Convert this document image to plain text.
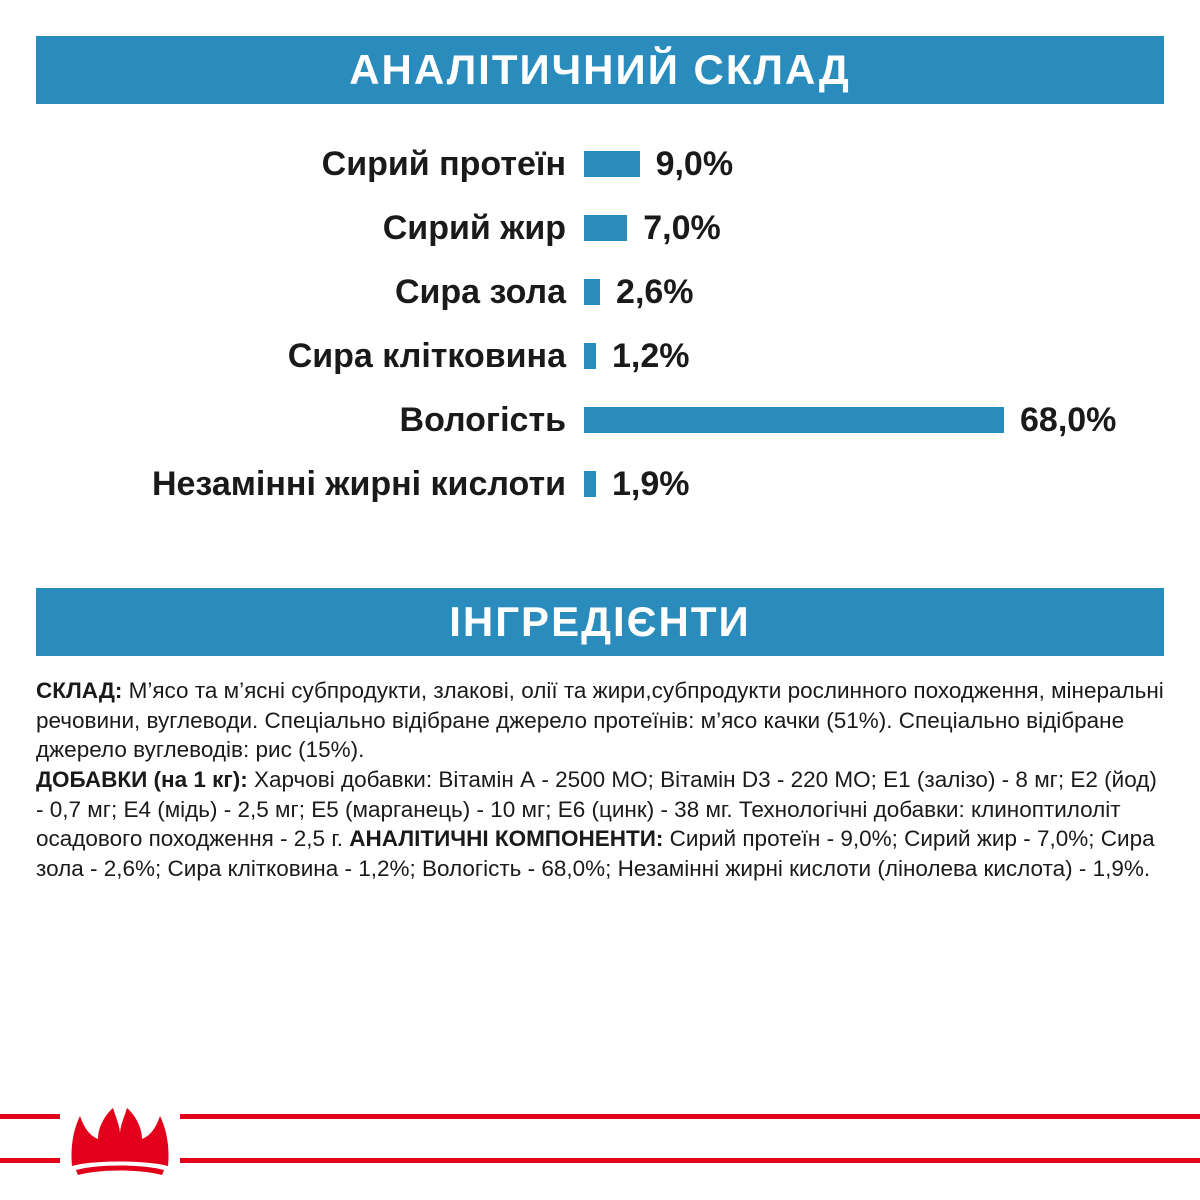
АНАЛІТИЧНИЙ СКЛАД
Сирий протеїн	9,0%
Сирий жир	7,0%
Сира зола	2,6%
Сира клітковина	1,2%
Вологість	68,0%
Незамінні жирні кислоти	1,9%
ІНГРЕДІЄНТИ
СКЛАД: М’ясо та м’ясні субпродукти, злакові, олії та жири,субпродукти рослинного походження, мінеральні речовини, вуглеводи. Спеціально відібране джерело протеїнів: м’ясо качки (51%). Спеціально відібране джерело вуглеводів: рис (15%).
ДОБАВКИ (на 1 кг): Харчові добавки: Вітамін А - 2500 МО; Вітамін D3 - 220 МО; Е1 (залізо) - 8 мг; Е2 (йод) - 0,7 мг; Е4 (мідь) - 2,5 мг; Е5 (марганець) - 10 мг; Е6 (цинк) - 38 мг. Технологічні добавки: клиноптилоліт осадового походження - 2,5 г. АНАЛІТИЧНІ КОМПОНЕНТИ: Сирий протеїн - 9,0%; Сирий жир - 7,0%; Сира зола - 2,6%; Сира клітковина - 1,2%; Вологість - 68,0%; Незамінні жирні кислоти (лінолева кислота) - 1,9%.
